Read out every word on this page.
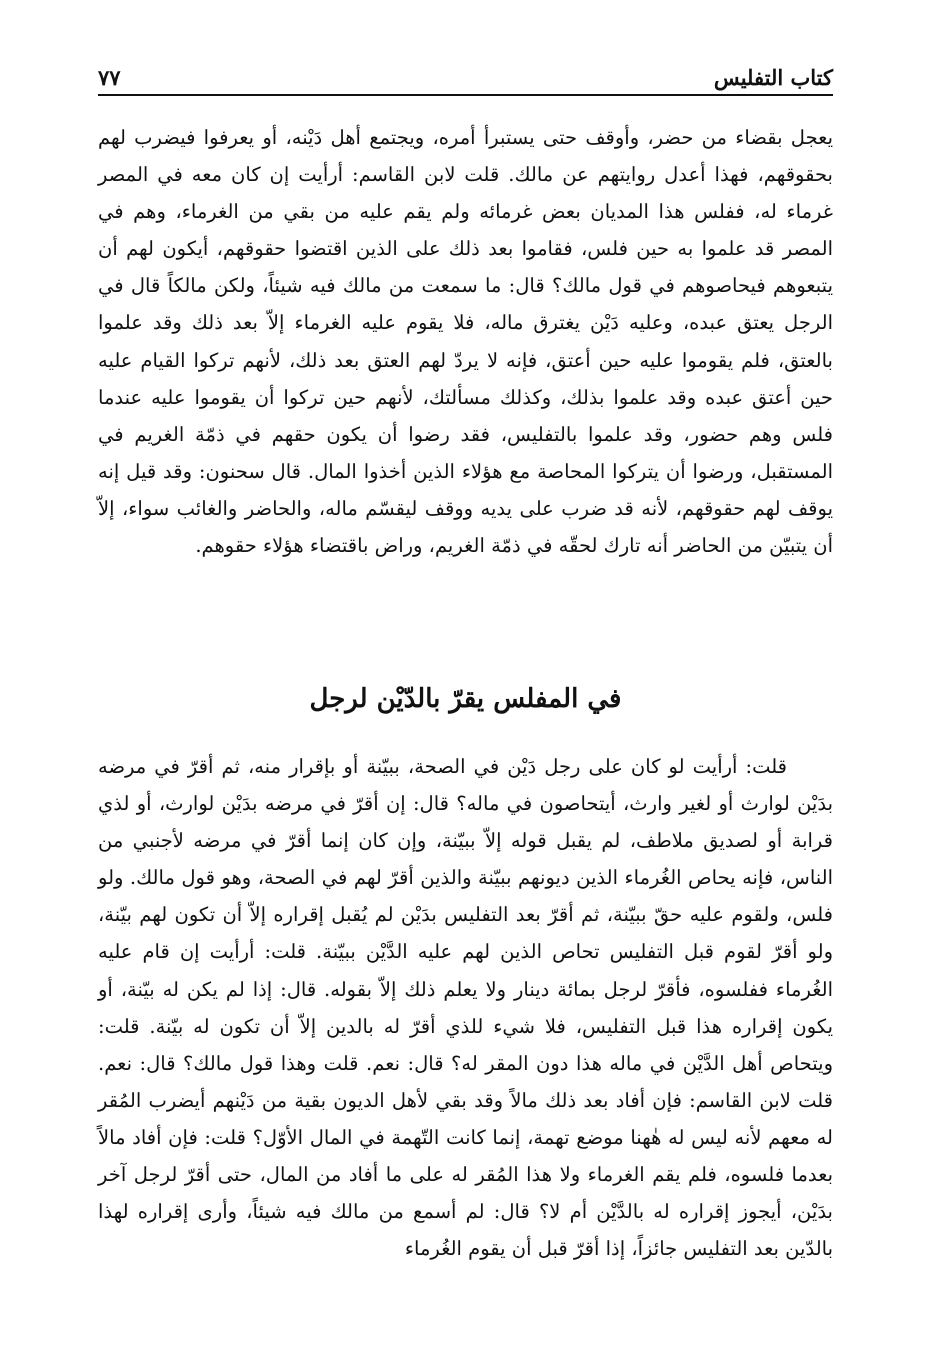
كتاب التفليس
٧٧

يعجل بقضاء من حضر، وأوقف حتى يستبرأ أمره، ويجتمع أهل دَيْنه، أو يعرفوا فيضرب لهم بحقوقهم، فهذا أعدل روايتهم عن مالك. قلت لابن القاسم: أرأيت إن كان معه في المصر غرماء له، ففلس هذا المديان بعض غرمائه ولم يقم عليه من بقي من الغرماء، وهم في المصر قد علموا به حين فلس، فقاموا بعد ذلك على الذين اقتضوا حقوقهم، أيكون لهم أن يتبعوهم فيحاصوهم في قول مالك؟ قال: ما سمعت من مالك فيه شيئاً، ولكن مالكاً قال في الرجل يعتق عبده، وعليه دَيْن يغترق ماله، فلا يقوم عليه الغرماء إلاّ بعد ذلك وقد علموا بالعتق، فلم يقوموا عليه حين أعتق، فإنه لا يردّ لهم العتق بعد ذلك، لأنهم تركوا القيام عليه حين أعتق عبده وقد علموا بذلك، وكذلك مسألتك، لأنهم حين تركوا أن يقوموا عليه عندما فلس وهم حضور، وقد علموا بالتفليس، فقد رضوا أن يكون حقهم في ذمّة الغريم في المستقبل، ورضوا أن يتركوا المحاصة مع هؤلاء الذين أخذوا المال. قال سحنون: وقد قيل إنه يوقف لهم حقوقهم، لأنه قد ضرب على يديه ووقف ليقسّم ماله، والحاضر والغائب سواء، إلاّ أن يتبيّن من الحاضر أنه تارك لحقّه في ذمّة الغريم، وراض باقتضاء هؤلاء حقوهم.

في المفلس يقرّ بالدّيْن لرجل

قلت: أرأيت لو كان على رجل دَيْن في الصحة، ببيّنة أو بإقرار منه، ثم أقرّ في مرضه بدَيْن لوارث أو لغير وارث، أيتحاصون في ماله؟ قال: إن أقرّ في مرضه بدَيْن لوارث، أو لذي قرابة أو لصديق ملاطف، لم يقبل قوله إلاّ ببيّنة، وإن كان إنما أقرّ في مرضه لأجنبي من الناس، فإنه يحاص الغُرماء الذين ديونهم ببيّنة والذين أقرّ لهم في الصحة، وهو قول مالك. ولو فلس، ولقوم عليه حقّ ببيّنة، ثم أقرّ بعد التفليس بدَيْن لم يُقبل إقراره إلاّ أن تكون لهم بيّنة، ولو أقرّ لقوم قبل التفليس تحاص الذين لهم عليه الدَّيْن ببيّنة. قلت: أرأيت إن قام عليه الغُرماء ففلسوه، فأقرّ لرجل بمائة دينار ولا يعلم ذلك إلاّ بقوله. قال: إذا لم يكن له بيّنة، أو يكون إقراره هذا قبل التفليس، فلا شيء للذي أقرّ له بالدين إلاّ أن تكون له بيّنة. قلت: ويتحاص أهل الدَّيْن في ماله هذا دون المقر له؟ قال: نعم. قلت وهذا قول مالك؟ قال: نعم. قلت لابن القاسم: فإن أفاد بعد ذلك مالاً وقد بقي لأهل الديون بقية من دَيْنهم أيضرب المُقر له معهم لأنه ليس له هٰهنا موضع تهمة، إنما كانت التّهمة في المال الأوّل؟ قلت: فإن أفاد مالاً بعدما فلسوه، فلم يقم الغرماء ولا هذا المُقر له على ما أفاد من المال، حتى أقرّ لرجل آخر بدَيْن، أيجوز إقراره له بالدَّيْن أم لا؟ قال: لم أسمع من مالك فيه شيئاً، وأرى إقراره لهذا بالدّين بعد التفليس جائزاً، إذا أقرّ قبل أن يقوم الغُرماء
